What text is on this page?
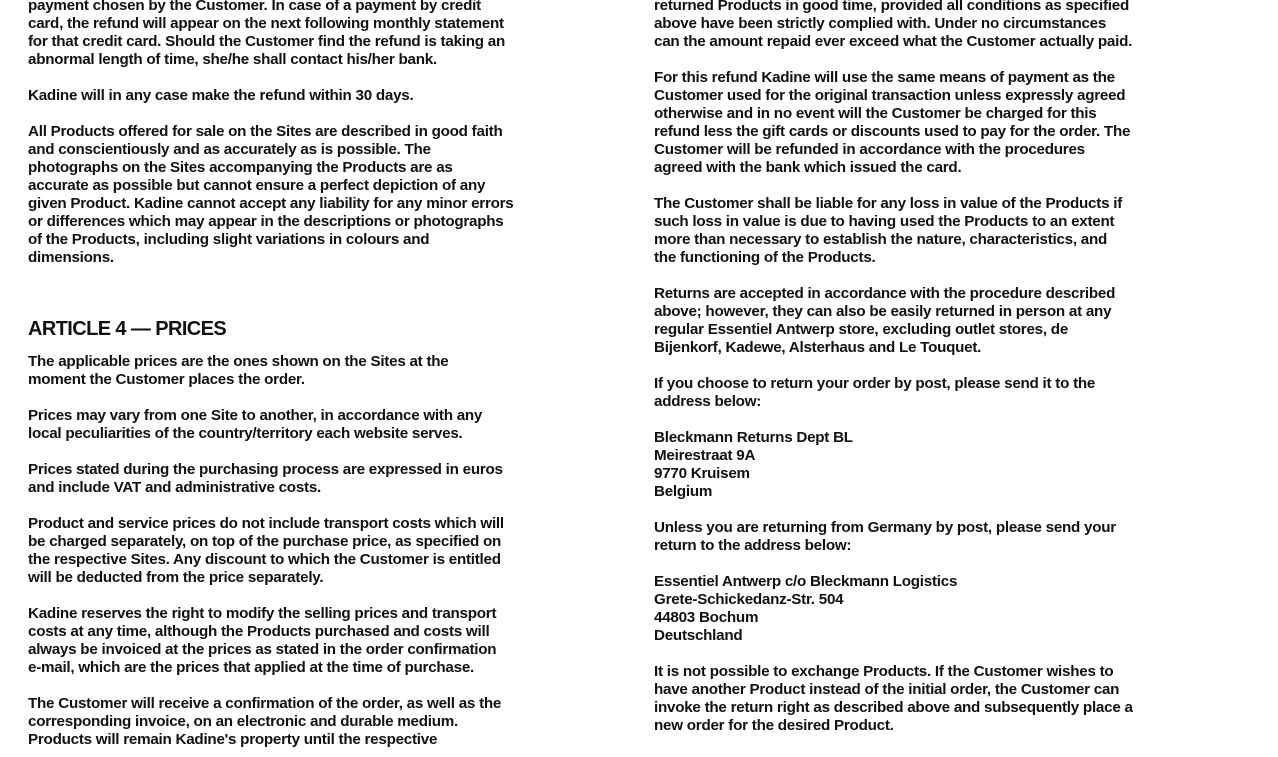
payment chosen by the Customer. In case of a payment by credit
card, the refund will appear on the next following monthly statement
for that credit card. Should the Customer find the refund is taking an
abnormal length of time, she/he shall contact his/her bank.

Kadine will in any case make the refund within 30 days.

All Products offered for sale on the Sites are described in good faith
and conscientiously and as accurately as is possible. The
photographs on the Sites accompanying the Products are as
accurate as possible but cannot ensure a perfect depiction of any
given Product. Kadine cannot accept any liability for any minor errors
or differences which may appear in the descriptions or photographs
of the Products, including slight variations in colours and
dimensions.

ARTICLE 4 — PRICES

The applicable prices are the ones shown on the Sites at the
moment the Customer places the order.

Prices may vary from one Site to another, in accordance with any
local peculiarities of the country/territory each website serves.

Prices stated during the purchasing process are expressed in euros
and include VAT and administrative costs.

Product and service prices do not include transport costs which will
be charged separately, on top of the purchase price, as specified on
the respective Sites. Any discount to which the Customer is entitled
will be deducted from the price separately.

Kadine reserves the right to modify the selling prices and transport
costs at any time, although the Products purchased and costs will
always be invoiced at the prices as stated in the order confirmation
e-mail, which are the prices that applied at the time of purchase.

The Customer will receive a confirmation of the order, as well as the
corresponding invoice, on an electronic and durable medium.
Products will remain Kadine's property until the respective

returned Products in good time, provided all conditions as specified
above have been strictly complied with. Under no circumstances
can the amount repaid ever exceed what the Customer actually paid.

For this refund Kadine will use the same means of payment as the
Customer used for the original transaction unless expressly agreed
otherwise and in no event will the Customer be charged for this
refund less the gift cards or discounts used to pay for the order. The
Customer will be refunded in accordance with the procedures
agreed with the bank which issued the card.

The Customer shall be liable for any loss in value of the Products if
such loss in value is due to having used the Products to an extent
more than necessary to establish the nature, characteristics, and
the functioning of the Products.

Returns are accepted in accordance with the procedure described
above; however, they can also be easily returned in person at any
regular Essentiel Antwerp store, excluding outlet stores, de
Bijenkorf, Kadewe, Alsterhaus and Le Touquet.

If you choose to return your order by post, please send it to the
address below:

Bleckmann Returns Dept BL
Meirestraat 9A
9770 Kruisem
Belgium

Unless you are returning from Germany by post, please send your
return to the address below:

Essentiel Antwerp c/o Bleckmann Logistics
Grete-Schickedanz-Str. 504
44803 Bochum
Deutschland

It is not possible to exchange Products. If the Customer wishes to
have another Product instead of the initial order, the Customer can
invoke the return right as described above and subsequently place a
new order for the desired Product.
